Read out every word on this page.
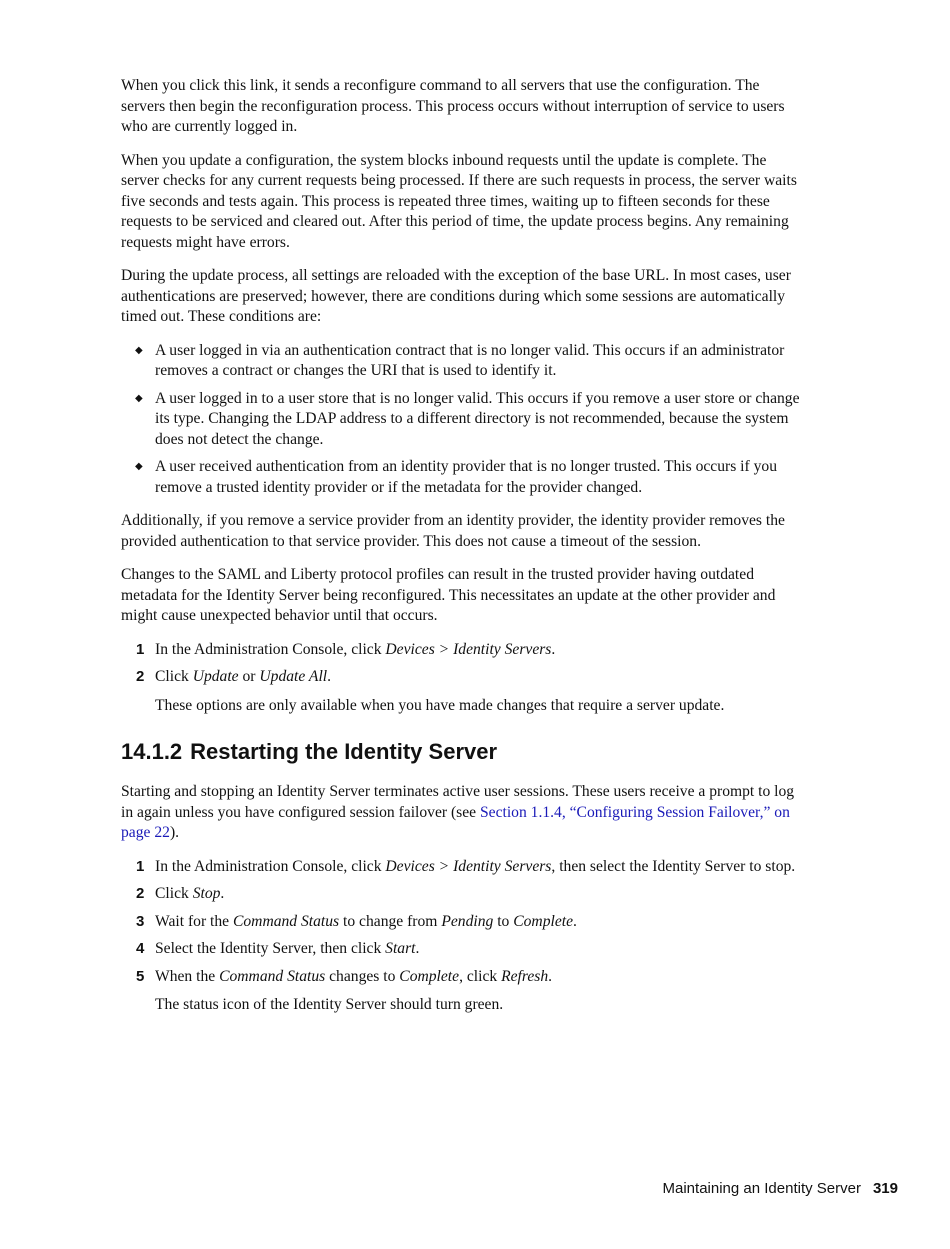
When you click this link, it sends a reconfigure command to all servers that use the configuration. The servers then begin the reconfiguration process. This process occurs without interruption of service to users who are currently logged in.

When you update a configuration, the system blocks inbound requests until the update is complete. The server checks for any current requests being processed. If there are such requests in process, the server waits five seconds and tests again. This process is repeated three times, waiting up to fifteen seconds for these requests to be serviced and cleared out. After this period of time, the update process begins. Any remaining requests might have errors.

During the update process, all settings are reloaded with the exception of the base URL. In most cases, user authentications are preserved; however, there are conditions during which some sessions are automatically timed out. These conditions are:

◆ A user logged in via an authentication contract that is no longer valid. This occurs if an administrator removes a contract or changes the URI that is used to identify it.
◆ A user logged in to a user store that is no longer valid. This occurs if you remove a user store or change its type. Changing the LDAP address to a different directory is not recommended, because the system does not detect the change.
◆ A user received authentication from an identity provider that is no longer trusted. This occurs if you remove a trusted identity provider or if the metadata for the provider changed.

Additionally, if you remove a service provider from an identity provider, the identity provider removes the provided authentication to that service provider. This does not cause a timeout of the session.

Changes to the SAML and Liberty protocol profiles can result in the trusted provider having outdated metadata for the Identity Server being reconfigured. This necessitates an update at the other provider and might cause unexpected behavior until that occurs.

1 In the Administration Console, click Devices > Identity Servers.
2 Click Update or Update All.
These options are only available when you have made changes that require a server update.
14.1.2 Restarting the Identity Server

Starting and stopping an Identity Server terminates active user sessions. These users receive a prompt to log in again unless you have configured session failover (see Section 1.1.4, “Configuring Session Failover,” on page 22).

1 In the Administration Console, click Devices > Identity Servers, then select the Identity Server to stop.
2 Click Stop.
3 Wait for the Command Status to change from Pending to Complete.
4 Select the Identity Server, then click Start.
5 When the Command Status changes to Complete, click Refresh.
The status icon of the Identity Server should turn green.
Maintaining an Identity Server 319
